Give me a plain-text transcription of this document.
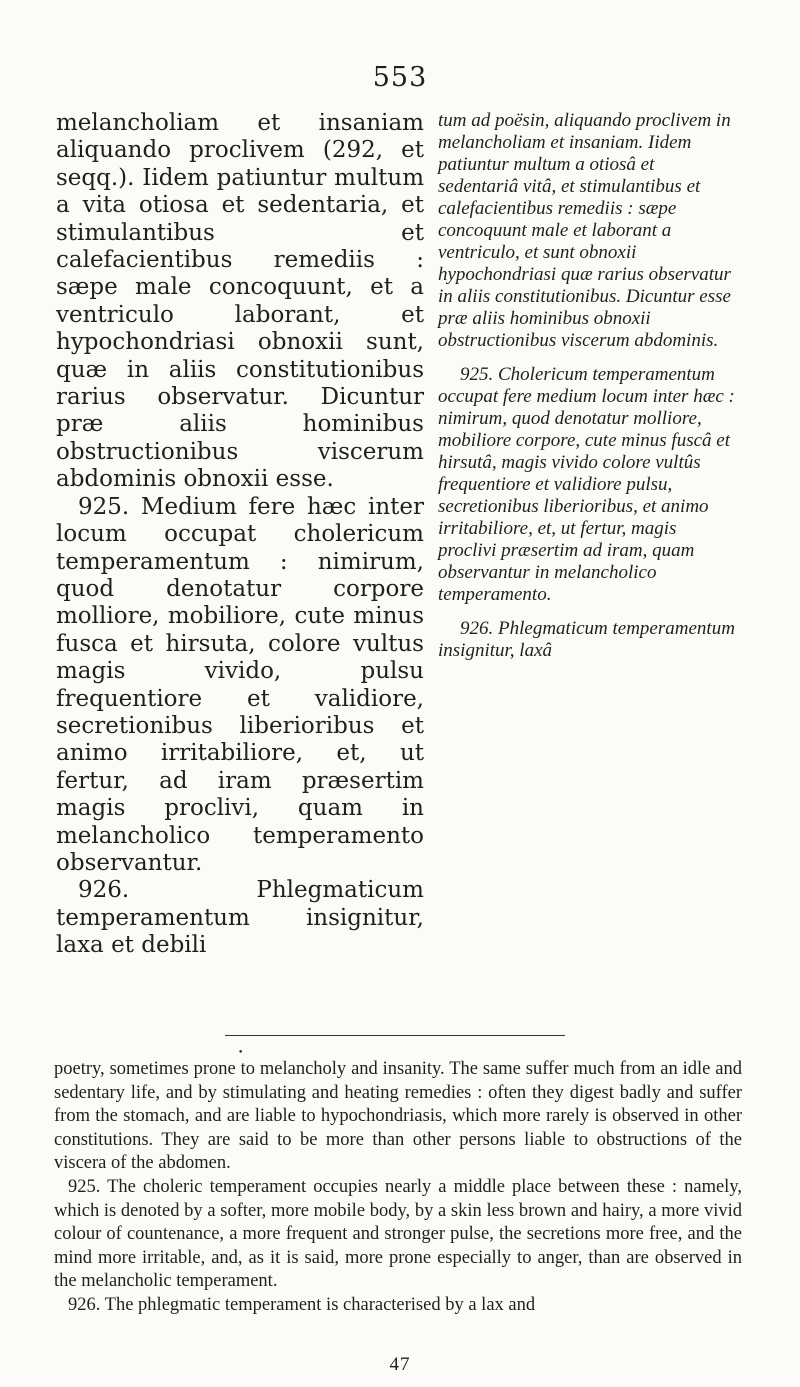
553

melancholiam et insaniam aliquando proclivem (292, et seqq.). Iidem patiuntur multum a vita otiosa et sedentaria, et stimulantibus et calefacientibus remediis : sæpe male concoquunt, et a ventriculo laborant, et hypochondriasi obnoxii sunt, quæ in aliis constitutionibus rarius observatur. Dicuntur præ aliis hominibus obstructionibus viscerum abdominis obnoxii esse.

925. Medium fere hæc inter locum occupat cholericum temperamentum : nimirum, quod denotatur corpore molliore, mobiliore, cute minus fusca et hirsuta, colore vultus magis vivido, pulsu frequentiore et validiore, secretionibus liberioribus et animo irritabiliore, et, ut fertur, ad iram præsertim magis proclivi, quam in melancholico temperamento observantur.

926. Phlegmaticum temperamentum insignitur, laxa et debili

tum ad poësin, aliquando proclivem in melancholiam et insaniam. Iidem patiuntur multum a otiosâ et sedentariâ vitâ, et stimulantibus et calefacientibus remediis : sæpe concoquunt male et laborant a ventriculo, et sunt obnoxii hypochondriasi quæ rarius observatur in aliis constitutionibus. Dicuntur esse præ aliis hominibus obnoxii obstructionibus viscerum abdominis.

925. Cholericum temperamentum occupat fere medium locum inter hæc : nimirum, quod denotatur molliore, mobiliore corpore, cute minus fuscâ et hirsutâ, magis vivido colore vultûs frequentiore et validiore pulsu, secretionibus liberioribus, et animo irritabiliore, et, ut fertur, magis proclivi præsertim ad iram, quam observantur in melancholico temperamento.

926. Phlegmaticum temperamentum insignitur, laxâ

•

poetry, sometimes prone to melancholy and insanity. The same suffer much from an idle and sedentary life, and by stimulating and heating remedies : often they digest badly and suffer from the stomach, and are liable to hypochondriasis, which more rarely is observed in other constitutions. They are said to be more than other persons liable to obstructions of the viscera of the abdomen.

925. The choleric temperament occupies nearly a middle place between these : namely, which is denoted by a softer, more mobile body, by a skin less brown and hairy, a more vivid colour of countenance, a more frequent and stronger pulse, the secretions more free, and the mind more irritable, and, as it is said, more prone especially to anger, than are observed in the melancholic temperament.

926. The phlegmatic temperament is characterised by a lax and

47
